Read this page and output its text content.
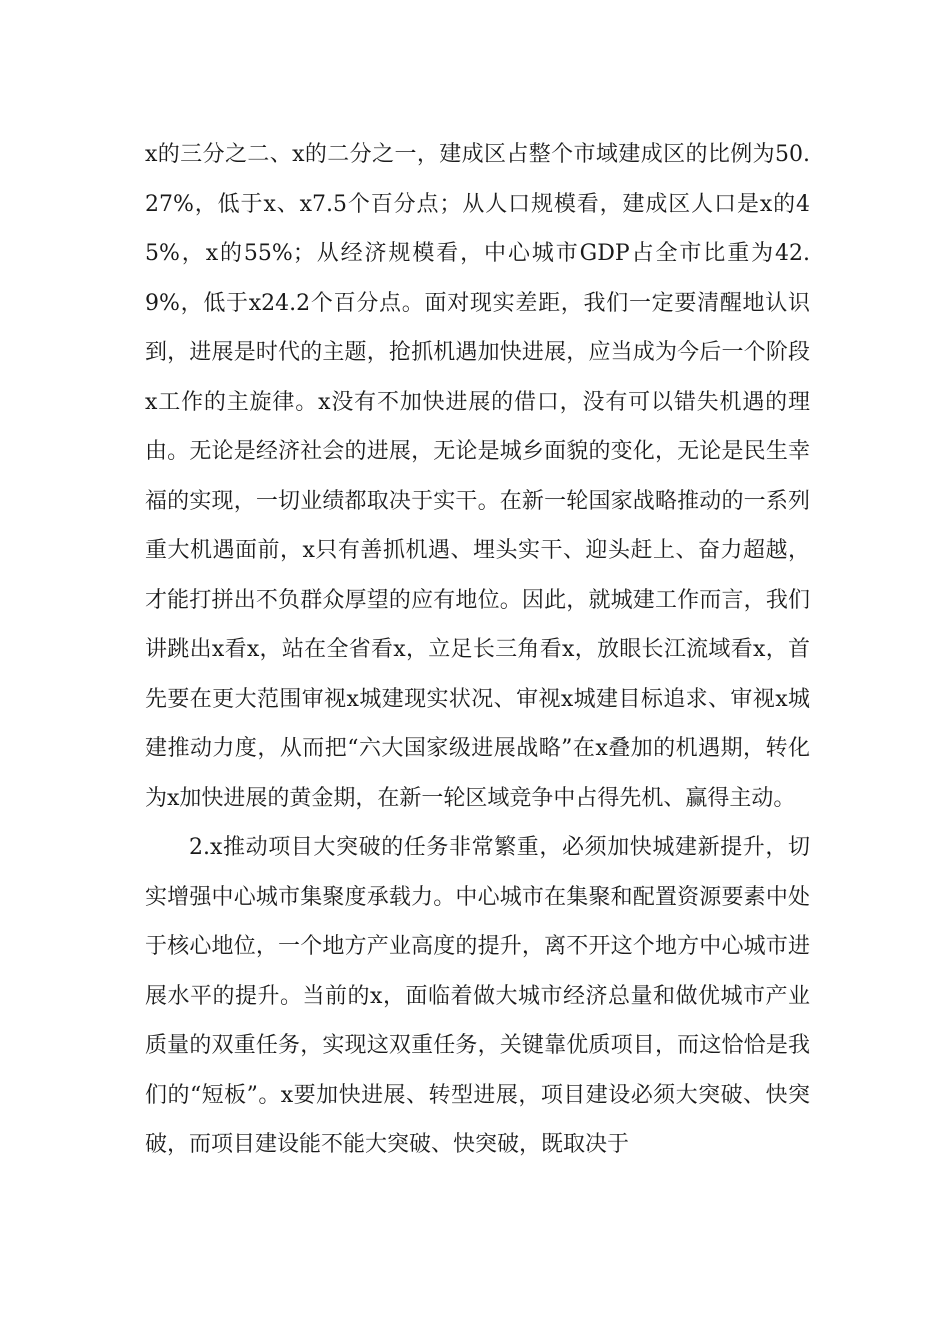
x的三分之二、x的二分之一，建成区占整个市域建成区的比例为50.27%，低于x、x7.5个百分点；从人口规模看，建成区人口是x的45%，x的55%；从经济规模看，中心城市GDP占全市比重为42.9%，低于x24.2个百分点。面对现实差距，我们一定要清醒地认识到，进展是时代的主题，抢抓机遇加快进展，应当成为今后一个阶段x工作的主旋律。x没有不加快进展的借口，没有可以错失机遇的理由。无论是经济社会的进展，无论是城乡面貌的变化，无论是民生幸福的实现，一切业绩都取决于实干。在新一轮国家战略推动的一系列重大机遇面前，x只有善抓机遇、埋头实干、迎头赶上、奋力超越，才能打拼出不负群众厚望的应有地位。因此，就城建工作而言，我们讲跳出x看x，站在全省看x，立足长三角看x，放眼长江流域看x，首先要在更大范围审视x城建现实状况、审视x城建目标追求、审视x城建推动力度，从而把“六大国家级进展战略”在x叠加的机遇期，转化为x加快进展的黄金期，在新一轮区域竞争中占得先机、赢得主动。

2.x推动项目大突破的任务非常繁重，必须加快城建新提升，切实增强中心城市集聚度承载力。中心城市在集聚和配置资源要素中处于核心地位，一个地方产业高度的提升，离不开这个地方中心城市进展水平的提升。当前的x，面临着做大城市经济总量和做优城市产业质量的双重任务，实现这双重任务，关键靠优质项目，而这恰恰是我们的“短板”。x要加快进展、转型进展，项目建设必须大突破、快突破，而项目建设能不能大突破、快突破，既取决于
